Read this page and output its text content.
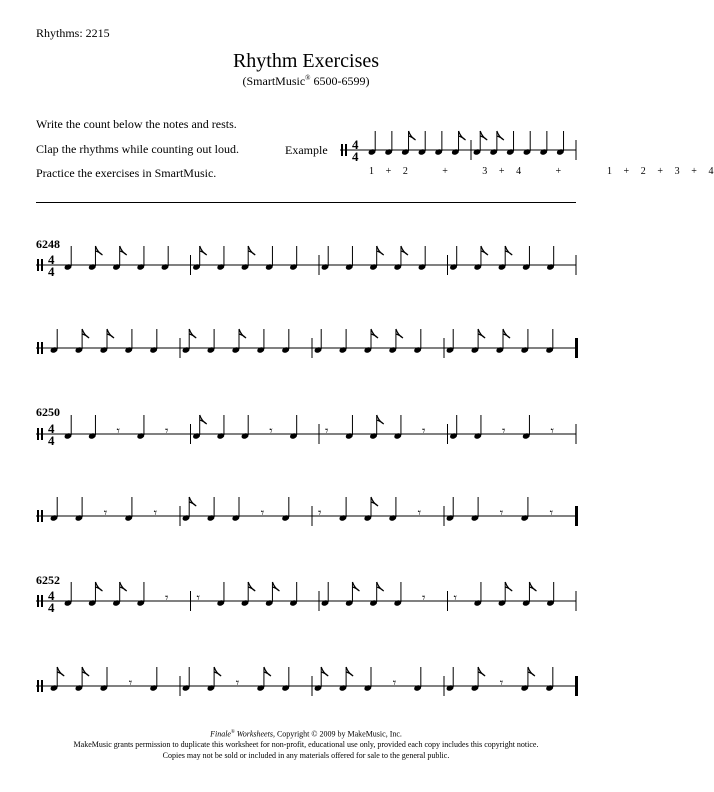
Rhythms: 2215
Rhythm Exercises
(SmartMusic® 6500-6599)
Write the count below the notes and rests.
Clap the rhythms while counting out loud.
Practice the exercises in SmartMusic.
Example
1  +  2      +      3  +  4      +        1  +  2  +  3  +  4
6248
6250
6252
4
4
4
4
4
4
𝄾	𝄾	𝄾	𝄾	𝄾	𝄾	𝄾
𝄾	𝄾	𝄾	𝄾	𝄾	𝄾	𝄾
4
4
𝄾 𝄾	𝄾 𝄾
𝄾	𝄾	𝄾	𝄾
Finale® Worksheets, Copyright © 2009 by MakeMusic, Inc.
MakeMusic grants permission to duplicate this worksheet for non-profit, educational use only, provided each copy includes this copyright notice.
Copies may not be sold or included in any materials offered for sale to the general public.
